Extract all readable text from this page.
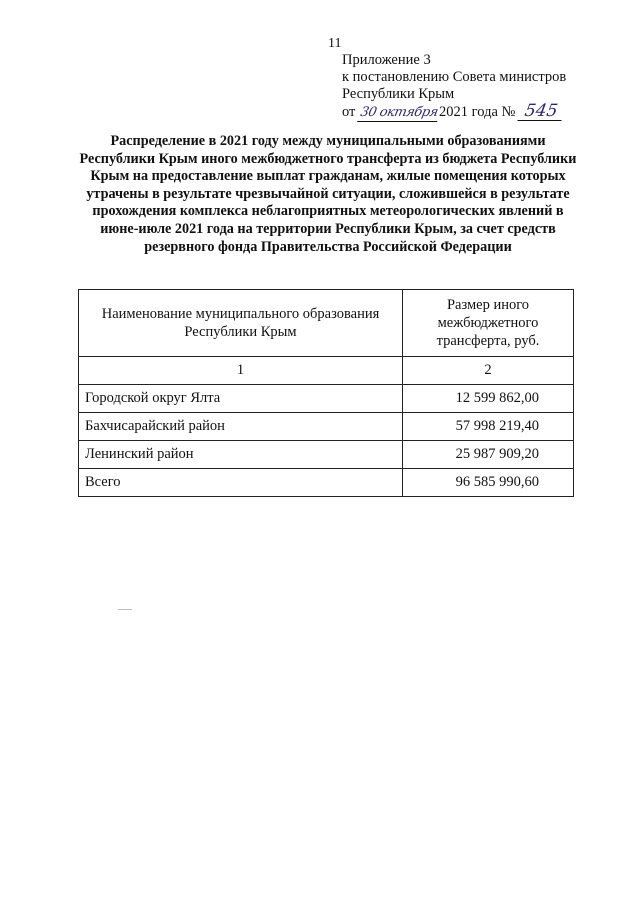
11
Приложение 3
к постановлению Совета министров
Республики Крым
от 30 октября2021 года № 545
Распределение в 2021 году между муниципальными образованиями Республики Крым иного межбюджетного трансферта из бюджета Республики Крым на предоставление выплат гражданам, жилые помещения которых утрачены в результате чрезвычайной ситуации, сложившейся в результате прохождения комплекса неблагоприятных метеорологических явлений в июне-июле 2021 года на территории Республики Крым, за счет средств резервного фонда Правительства Российской Федерации
Наименование муниципального образования Республики Крым	Размер иного межбюджетного трансферта, руб.
1	2
Городской округ Ялта	12 599 862,00
Бахчисарайский район	57 998 219,40
Ленинский район	25 987 909,20
Всего	96 585 990,60
